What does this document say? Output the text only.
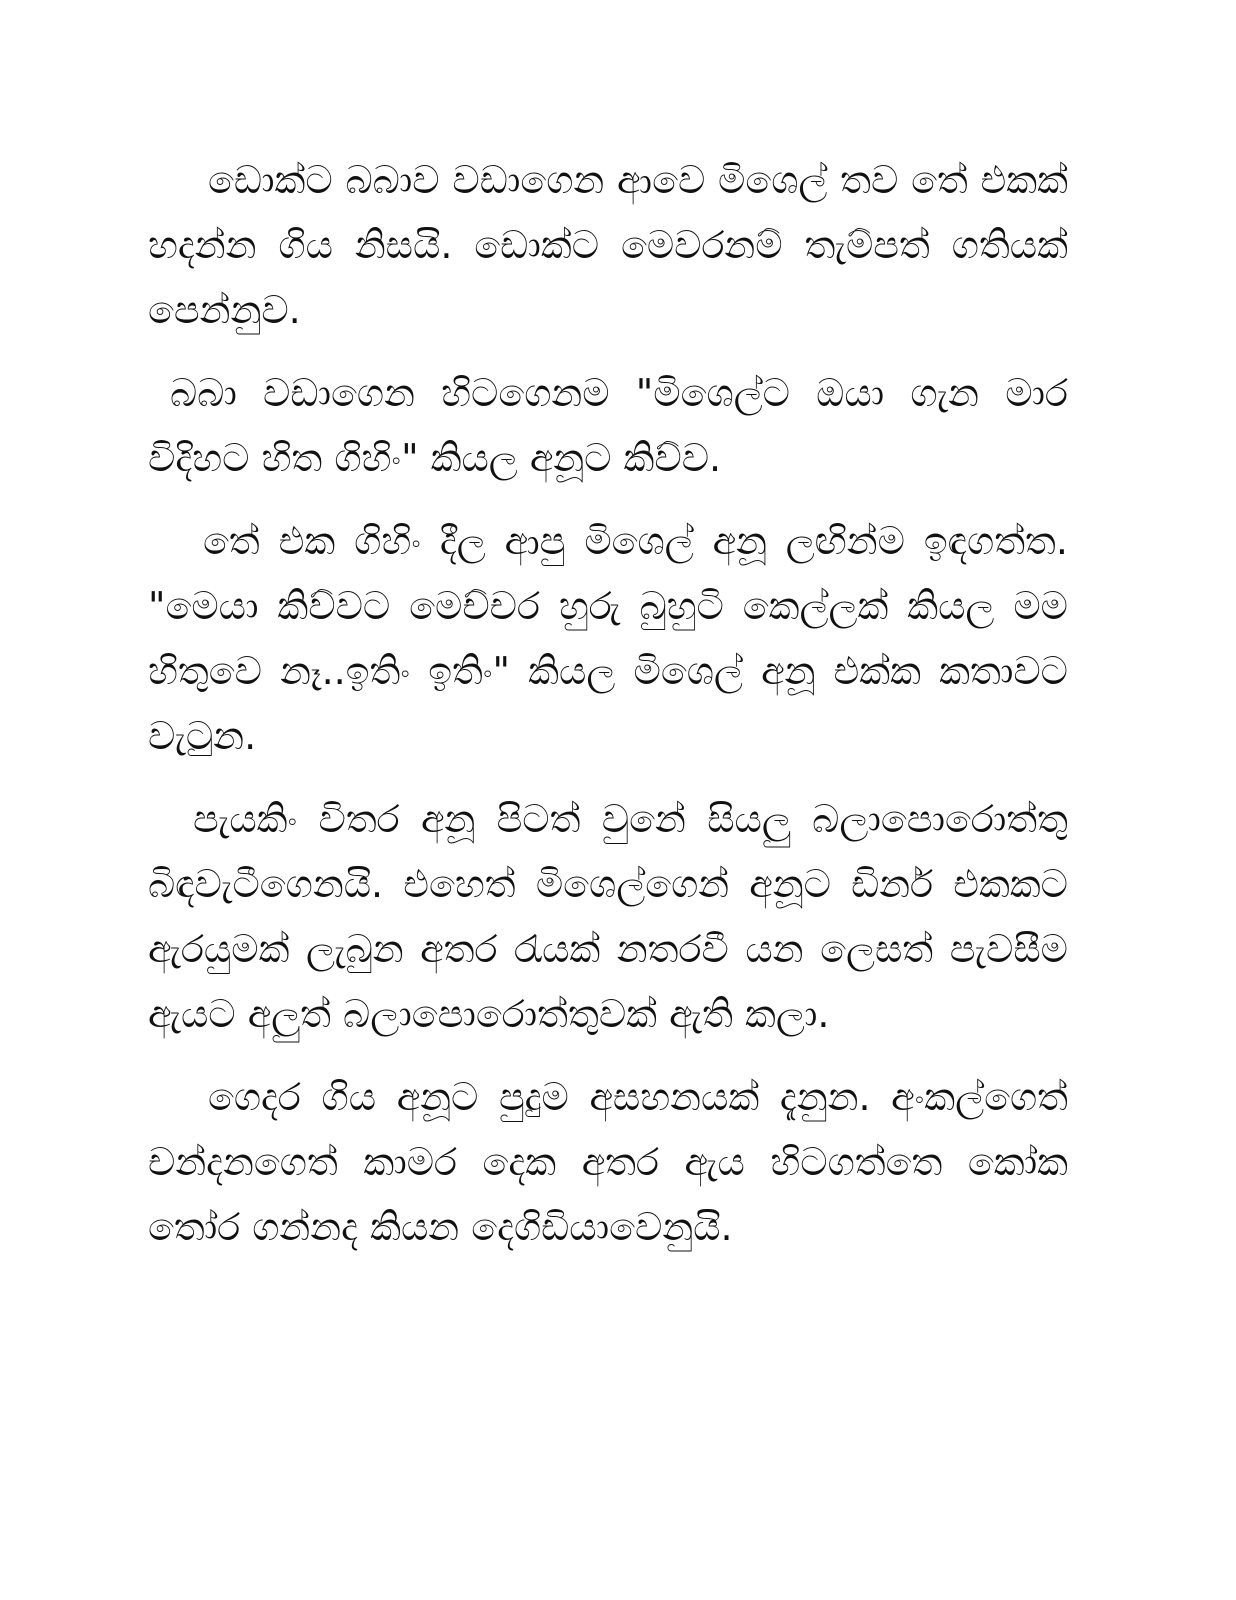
ඩොක්ට බබාව වඩාගෙන ආවෙ මිශෙල් තව තේ එකක් හදන්න ගිය නිසයි. ඩොක්ට මෙවරනම් තැම්පත් ගතියක් පෙන්නුව.

බබා වඩාගෙන හිටගෙනම "මිශෙල්ට ඔයා ගැන මාර විදිහට හිත ගිහිං" කියල අනූට කිව්ව.

තේ එක ගිහිං දීල ආපු මිශෙල් අනූ ලඟින්ම ඉඳගත්ත. "මෙයා කිව්වට මෙච්චර හුරු බුහුටි කෙල්ලක් කියල මම හිතුවෙ නෑ..ඉතිං ඉතිං" කියල මිශෙල් අනූ එක්ක කතාවට වැටුන.

පැයකිං විතර අනූ පිටත් වුනේ සියලු බලාපොරොත්තු බිඳවැටීගෙනයි. එහෙත් මිශෙල්ගෙන් අනූට ඩිනර් එකකට ඇරයුමක් ලැබුන අතර රැයක් නතරවී යන ලෙසත් පැවසීම ඇයට අලුත් බලාපොරොත්තුවක් ඇති කලා.

ගෙදර ගිය අනූට පුදුම අසහනයක් දැනුන. අංකල්ගෙත් චන්දනගෙත් කාමර දෙක අතර ඇය හිටගත්තෙ කෝක තෝර ගන්නද කියන දෙගිඩියාවෙනුයි.
